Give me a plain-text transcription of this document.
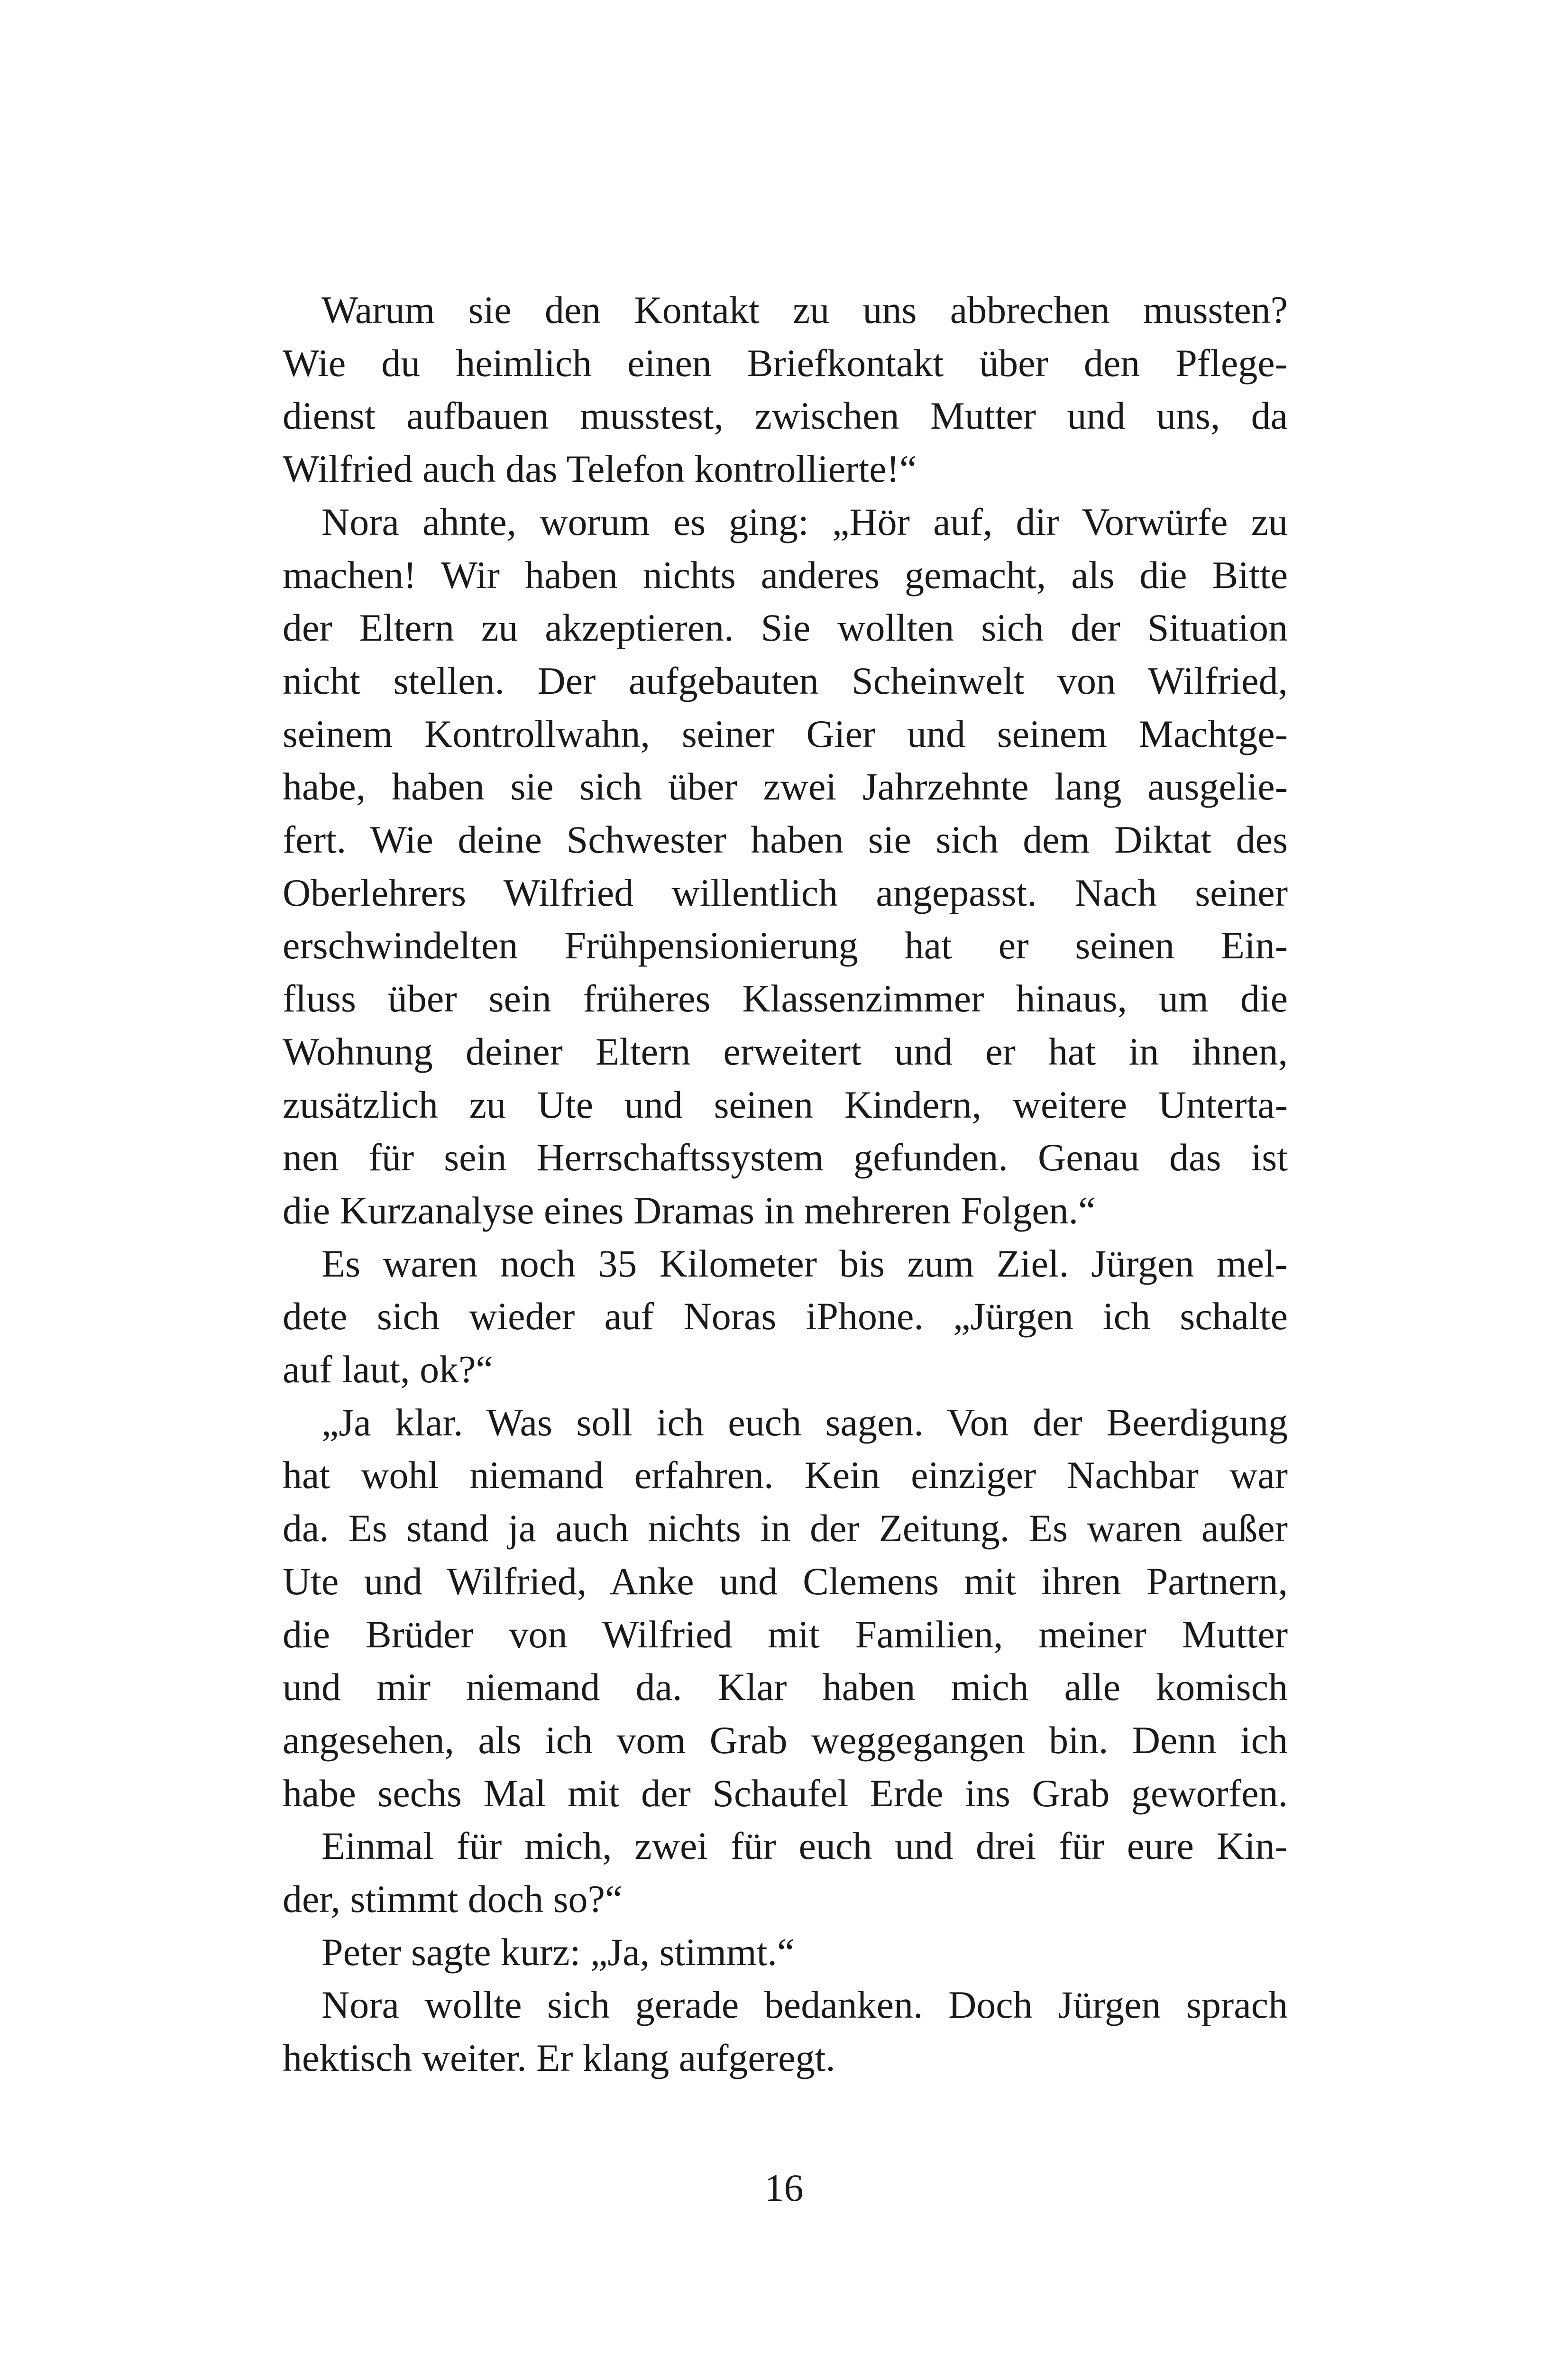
Warum sie den Kontakt zu uns abbrechen mussten?
Wie du heimlich einen Briefkontakt über den Pflege-
dienst aufbauen musstest, zwischen Mutter und uns, da
Wilfried auch das Telefon kontrollierte!“
Nora ahnte, worum es ging: „Hör auf, dir Vorwürfe zu
machen! Wir haben nichts anderes gemacht, als die Bitte
der Eltern zu akzeptieren. Sie wollten sich der Situation
nicht stellen. Der aufgebauten Scheinwelt von Wilfried,
seinem Kontrollwahn, seiner Gier und seinem Machtge-
habe, haben sie sich über zwei Jahrzehnte lang ausgelie-
fert. Wie deine Schwester haben sie sich dem Diktat des
Oberlehrers Wilfried willentlich angepasst. Nach seiner
erschwindelten Frühpensionierung hat er seinen Ein-
fluss über sein früheres Klassenzimmer hinaus, um die
Wohnung deiner Eltern erweitert und er hat in ihnen,
zusätzlich zu Ute und seinen Kindern, weitere Unterta-
nen für sein Herrschaftssystem gefunden. Genau das ist
die Kurzanalyse eines Dramas in mehreren Folgen.“
Es waren noch 35 Kilometer bis zum Ziel. Jürgen mel-
dete sich wieder auf Noras iPhone. „Jürgen ich schalte
auf laut, ok?“
„Ja klar. Was soll ich euch sagen. Von der Beerdigung
hat wohl niemand erfahren. Kein einziger Nachbar war
da. Es stand ja auch nichts in der Zeitung. Es waren außer
Ute und Wilfried, Anke und Clemens mit ihren Partnern,
die Brüder von Wilfried mit Familien, meiner Mutter
und mir niemand da. Klar haben mich alle komisch
angesehen, als ich vom Grab weggegangen bin. Denn ich
habe sechs Mal mit der Schaufel Erde ins Grab geworfen.
Einmal für mich, zwei für euch und drei für eure Kin-
der, stimmt doch so?“
Peter sagte kurz: „Ja, stimmt.“
Nora wollte sich gerade bedanken. Doch Jürgen sprach
hektisch weiter. Er klang aufgeregt.
16
